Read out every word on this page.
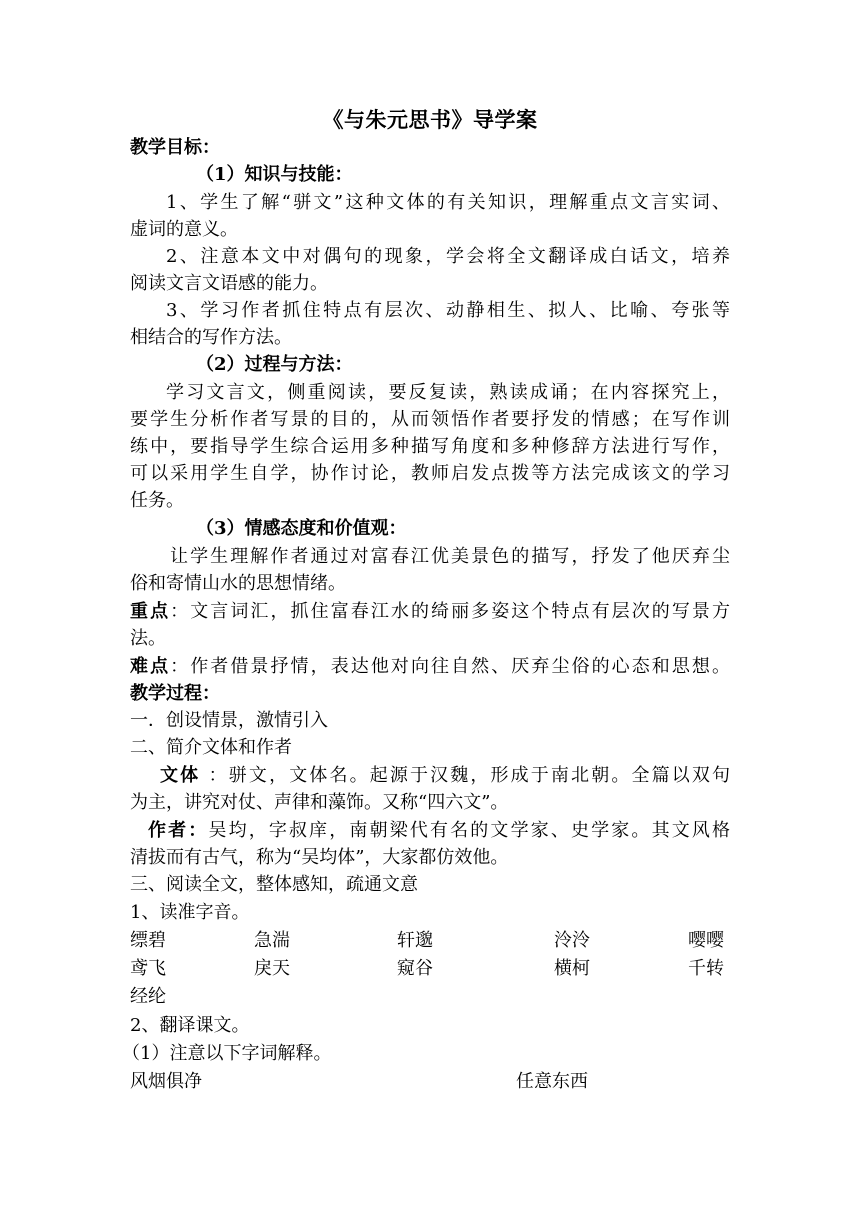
《与朱元思书》导学案
教学目标：
（1）知识与技能：
1、学生了解“骈文”这种文体的有关知识，理解重点文言实词、
虚词的意义。
2、注意本文中对偶句的现象，学会将全文翻译成白话文，培养
阅读文言文语感的能力。
3、学习作者抓住特点有层次、动静相生、拟人、比喻、夸张等
相结合的写作方法。
（2）过程与方法：
学习文言文，侧重阅读，要反复读，熟读成诵；在内容探究上，
要学生分析作者写景的目的，从而领悟作者要抒发的情感；在写作训
练中，要指导学生综合运用多种描写角度和多种修辞方法进行写作，
可以采用学生自学，协作讨论，教师启发点拨等方法完成该文的学习
任务。
（3）情感态度和价值观：
让学生理解作者通过对富春江优美景色的描写，抒发了他厌弃尘
俗和寄情山水的思想情绪。
重点：文言词汇，抓住富春江水的绮丽多姿这个特点有层次的写景方
法。
难点：作者借景抒情，表达他对向往自然、厌弃尘俗的心态和思想。
教学过程：
一．创设情景，激情引入
二、简介文体和作者
文体 ：骈文，文体名。起源于汉魏，形成于南北朝。全篇以双句
为主，讲究对仗、声律和藻饰。又称“四六文”。
作者：吴均，字叔庠，南朝梁代有名的文学家、史学家。其文风格
清拔而有古气，称为“吴均体”，大家都仿效他。
三、阅读全文，整体感知，疏通文意
1、读准字音。
缥碧	急湍	轩邈	泠泠	嘤嘤
鸢飞	戾天	窥谷	横柯	千转
经纶
2、翻译课文。
（1）注意以下字词解释。
风烟俱净	任意东西
